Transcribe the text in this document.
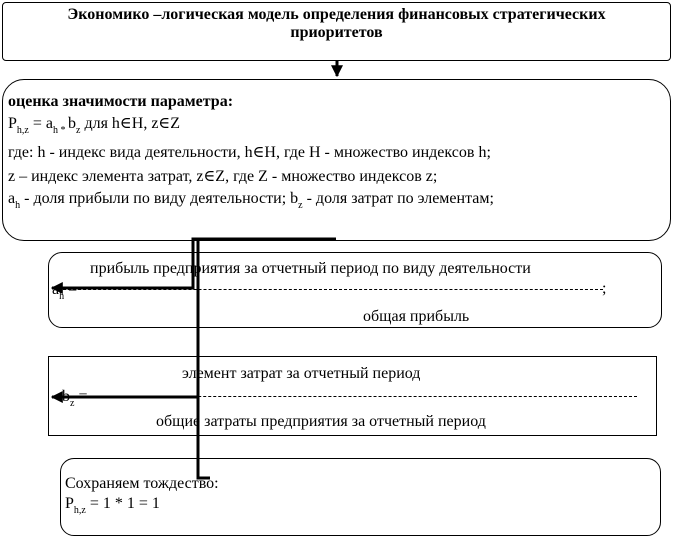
Экономико –логическая модель определения финансовых стратегических
приоритетов
оценка значимости параметра:
$P_{h,z} = a_h$ $_*$ $b_z$ для h∈H, z∈Z
где: h - индекс вида деятельности, h∈H, где H - множество индексов h;
z – индекс элемента затрат, z∈Z, где Z - множество индексов z;
$a_h$ - доля прибыли по виду деятельности; $b_z$ - доля затрат по элементам;
прибыль предприятия за отчетный период по виду деятельности
$a_h$ =	;
общая прибыль
элемент затрат за отчетный период
$b_z$ =
общие затраты предприятия за отчетный период
Сохраняем тождество:
$P_{h,z} = 1 * 1 = 1$
